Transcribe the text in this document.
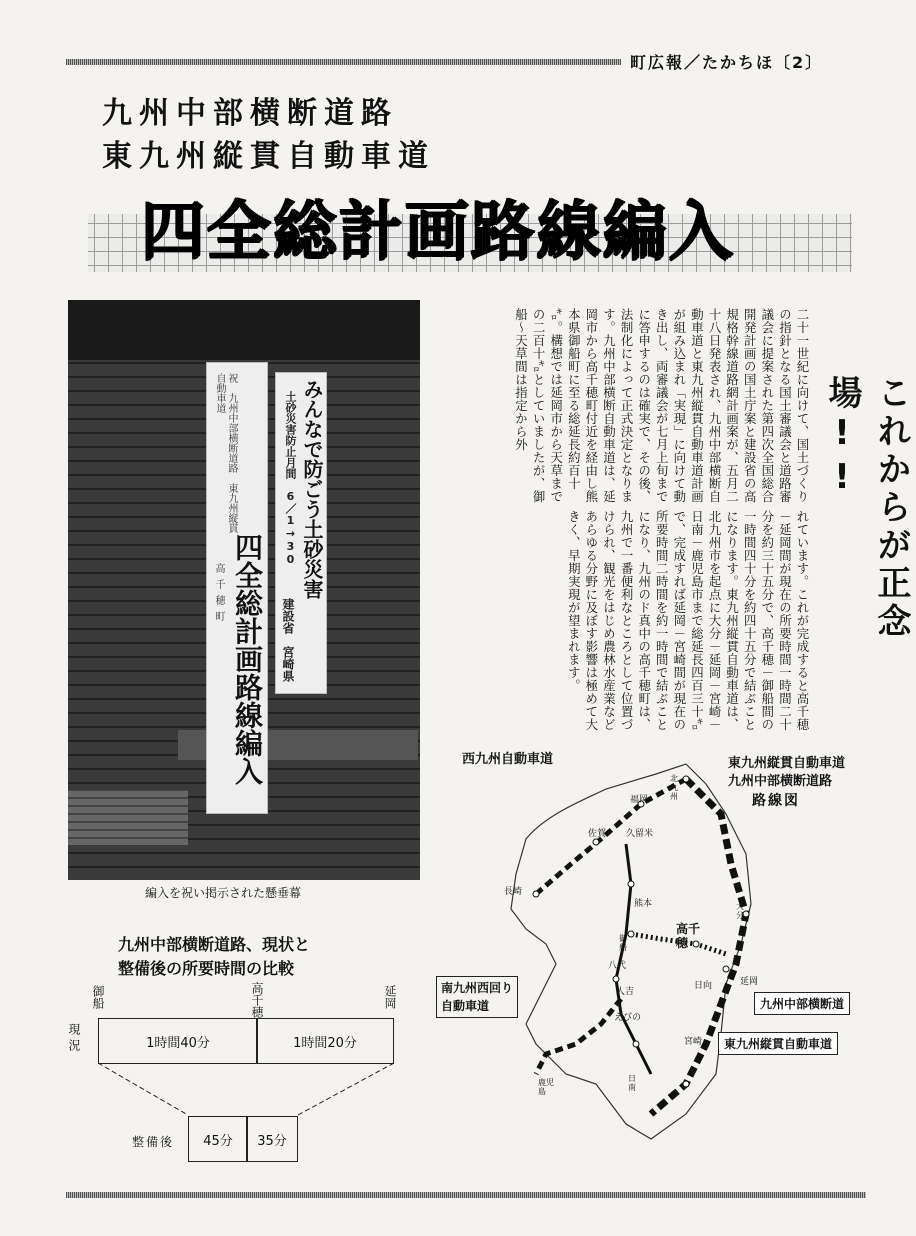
町広報／たかちほ〔2〕
九州中部横断道路
東九州縦貫自動車道
四全総計画路線編入
祝　九州中部横断道路　東九州縦貫自動車道
四全総計画路線編入
高千穂町	みんなで防ごう土砂災害
土砂災害防止月間　6／1→30
建設省　宮崎県
編入を祝い掲示された懸垂幕
これからが正念場!!
二十一世紀に向けて、国土づくりの指針となる国土審議会と道路審議会に提案された第四次全国総合開発計画の国土庁案と建設省の高規格幹線道路網計画案が、五月二十八日発表され、九州中部横断自動車道と東九州縦貫自動車道計画が組み込まれ「実現」に向けて動き出し、両審議会が七月上旬までに答申するのは確実で、その後、法制化によって正式決定となります。九州中部横断自動車道は、延岡市から高千穂町付近を経由し熊本県御船町に至る総延長約百十㌔。構想では延岡市から天草までの二百十㌔としていましたが、御船～天草間は指定から外
れています。これが完成すると高千穂－延岡間が現在の所要時間一時間二十分を約三十五分で、高千穂－御船間の一時間四十分を約四十五分で結ぶことになります。東九州縦貫自動車道は、北九州市を起点に大分－延岡－宮崎－日南－鹿児島市まで総延長四百三十㌔で、完成すれば延岡－宮崎間が現在の所要時間二時間を約一時間で結ぶことになり、九州のド真中の高千穂町は、九州で一番便利なところとして位置づけられ、観光をはじめ農林水産業などあらゆる分野に及ぼす影響は極めて大きく、早期実現が望まれます。
北九州
福岡
佐賀 久留米
長崎
熊本	大分
御船
八代
高千穂
日向	延岡
人吉
えびの
宮崎
鹿児島
日南
西九州自動車道	東九州縦貫自動車道
九州中部横断道路
路線図
南九州西回り
自動車道	九州中部横断道
東九州縦貫自動車道
九州中部横断道路、現状と
整備後の所要時間の比較
御船	高千穂	延岡
現況	1時間40分	1時間20分
整備後 45分 35分
